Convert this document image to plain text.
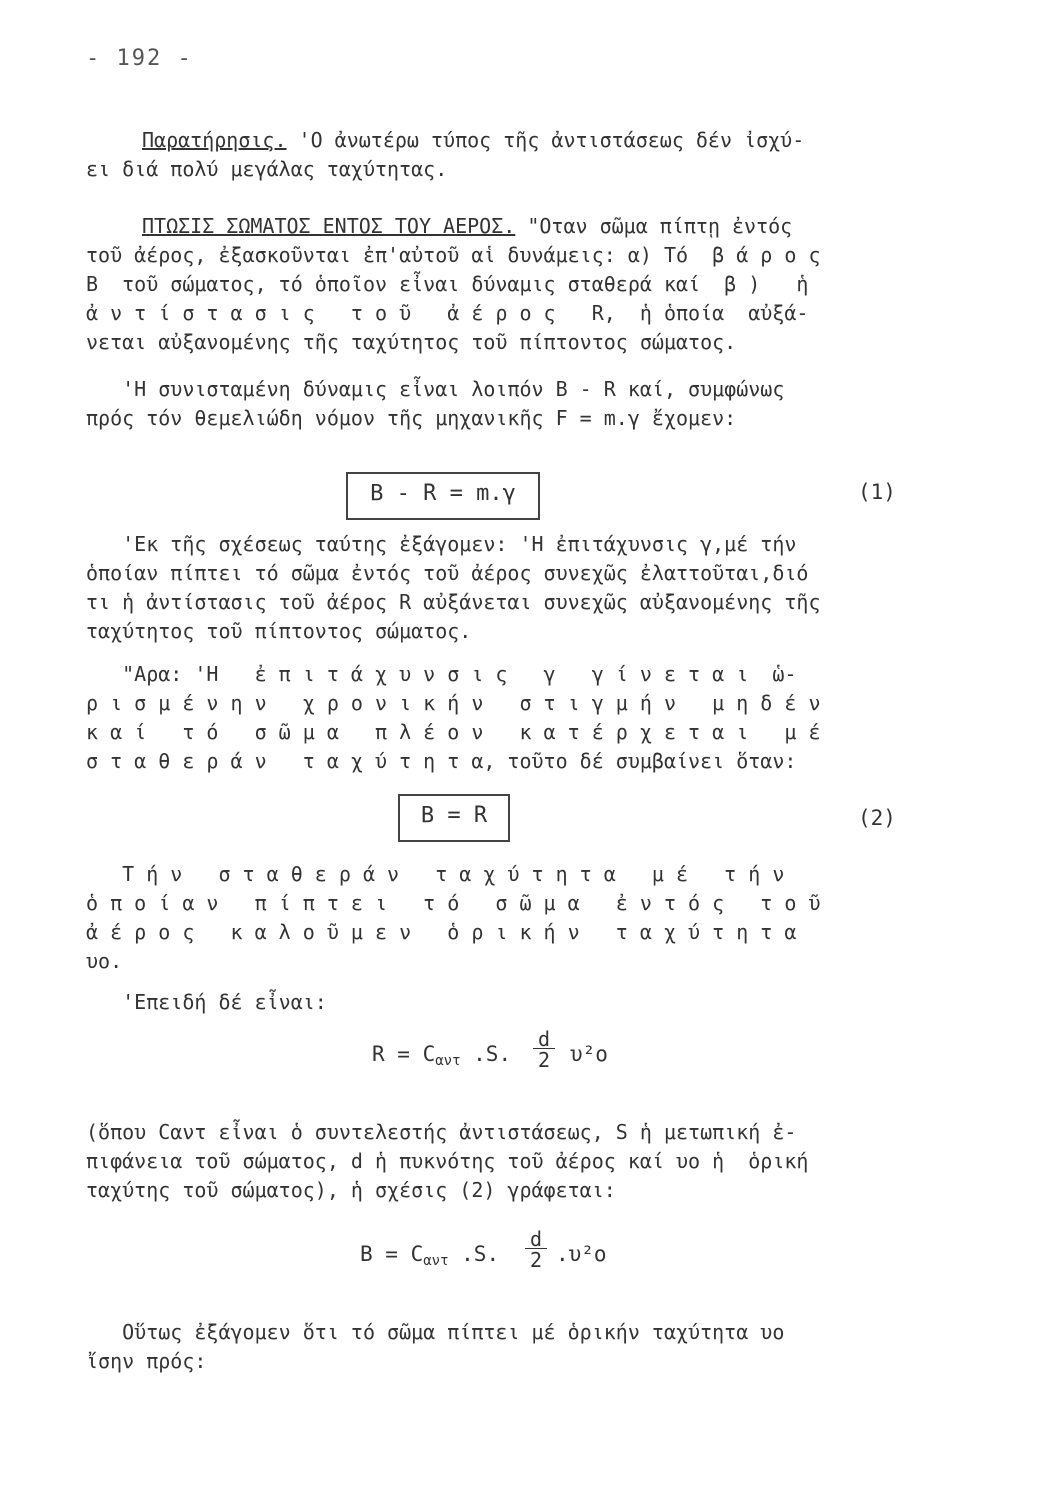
- 192 -

Παρατήρησις. 'Ο ἀνωτέρω τύπος τῆς ἀντιστάσεως δέν ἰσχύ-

ει διά πολύ μεγάλας ταχύτητας.

ΠΤΩΣΙΣ ΣΩΜΑΤΟΣ ΕΝΤΟΣ ΤΟΥ ΑΕΡΟΣ. "Οταν σῶμα πίπτῃ ἐντός

τοῦ ἀέρος, ἐξασκοῦνται ἐπ'αὐτοῦ αἱ δυνάμεις: α) Τό  β ά ρ ο ς

Β  τοῦ σώματος, τό ὁποῖον εἶναι δύναμις σταθερά καί  β )   ἡ

ἀ ν τ ί σ τ α σ ι ς   τ ο ῦ   ἀ έ ρ ο ς   R,  ἡ ὁποία  αὐξά-

νεται αὐξανομένης τῆς ταχύτητος τοῦ πίπτοντος σώματος.

'Η συνισταμένη δύναμις εἶναι λοιπόν Β - R καί, συμφώνως

πρός τόν θεμελιώδη νόμον τῆς μηχανικῆς F = m.γ ἔχομεν:

Β - R = m.γ	(1)

'Εκ τῆς σχέσεως ταύτης ἐξάγομεν: 'Η ἐπιτάχυνσις γ,μέ τήν

ὁποίαν πίπτει τό σῶμα ἐντός τοῦ ἀέρος συνεχῶς ἐλαττοῦται,διό

τι ἡ ἀντίστασις τοῦ ἀέρος R αὐξάνεται συνεχῶς αὐξανομένης τῆς

ταχύτητος τοῦ πίπτοντος σώματος.

"Αρα: 'Η   ἐ π ι τ ά χ υ ν σ ι ς   γ   γ ί ν ε τ α ι  ὡ-

ρ ι σ μ έ ν η ν   χ ρ ο ν ι κ ή ν   σ τ ι γ μ ή ν   μ η δ έ ν

κ α ί   τ ό   σ ῶ μ α   π λ έ ο ν   κ α τ έ ρ χ ε τ α ι   μ έ

σ τ α θ ε ρ ά ν   τ α χ ύ τ η τ α, τοῦτο δέ συμβαίνει ὅταν:

Β = R	(2)

Τ ή ν   σ τ α θ ε ρ ά ν   τ α χ ύ τ η τ α   μ έ   τ ή ν

ὁ π ο ί α ν   π ί π τ ε ι   τ ό   σ ῶ μ α   ἐ ν τ ό ς   τ ο ῦ

ἀ έ ρ ο ς   κ α λ ο ῦ μ ε ν   ὁ ρ ι κ ή ν   τ α χ ύ τ η τ α

υο.

'Επειδή δέ εἶναι:

$R = C_{\alpha\nu\tau}$ .S. $\frac{d}{2} \upsilon^2o$

(ὅπου Cαντ εἶναι ὁ συντελεστής ἀντιστάσεως, S ἡ μετωπική ἐ-

πιφάνεια τοῦ σώματος, d ἡ πυκνότης τοῦ ἀέρος καί υο ἡ  ὁρική

ταχύτης τοῦ σώματος), ἡ σχέσις (2) γράφεται:

$B = C_{\alpha\nu\tau}$ .S. $\frac{d}{2} .\upsilon^2o$

Οὕτως ἐξάγομεν ὅτι τό σῶμα πίπτει μέ ὁρικήν ταχύτητα υο

ἴσην πρός:
